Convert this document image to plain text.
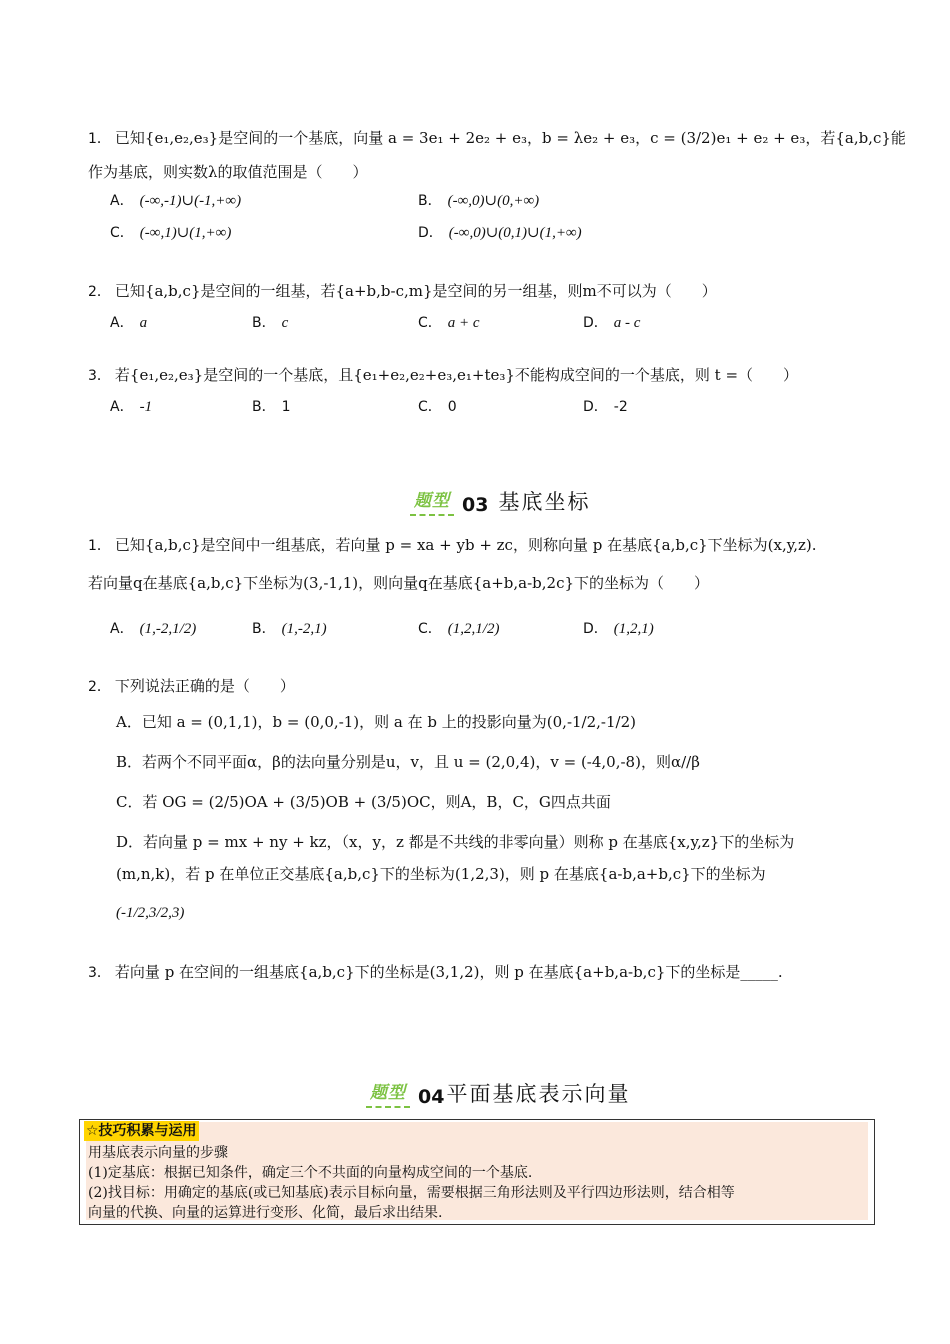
1． 已知{e₁,e₂,e₃}是空间的一个基底，向量 a = 3e₁ + 2e₂ + e₃，b = λe₂ + e₃，c = (3/2)e₁ + e₂ + e₃，若{a,b,c}能
作为基底，则实数λ的取值范围是（　　）
A． (-∞,-1)∪(-1,+∞)	B． (-∞,0)∪(0,+∞)
C． (-∞,1)∪(1,+∞)	D． (-∞,0)∪(0,1)∪(1,+∞)
2． 已知{a,b,c}是空间的一组基，若{a+b,b-c,m}是空间的另一组基，则m不可以为（　　）
A． a	B． c	C． a + c	D． a - c
3． 若{e₁,e₂,e₃}是空间的一个基底，且{e₁+e₂,e₂+e₃,e₁+te₃}不能构成空间的一个基底，则 t =（　　）
A． -1	B． 1	C． 0	D． -2
题型 03 基底坐标
1． 已知{a,b,c}是空间中一组基底，若向量 p = xa + yb + zc，则称向量 p 在基底{a,b,c}下坐标为(x,y,z).
若向量q在基底{a,b,c}下坐标为(3,-1,1)，则向量q在基底{a+b,a-b,2c}下的坐标为（　　）
A． (1,-2,1/2)	B． (1,-2,1)	C． (1,2,1/2)	D． (1,2,1)
2． 下列说法正确的是（　　）
A．已知 a = (0,1,1)，b = (0,0,-1)，则 a 在 b 上的投影向量为(0,-1/2,-1/2)
B．若两个不同平面α，β的法向量分别是u，v，且 u = (2,0,4)，v = (-4,0,-8)，则α//β
C．若 OG = (2/5)OA + (3/5)OB + (3/5)OC，则A，B，C，G四点共面
D．若向量 p = mx + ny + kz，（x，y，z 都是不共线的非零向量）则称 p 在基底{x,y,z}下的坐标为
(m,n,k)，若 p 在单位正交基底{a,b,c}下的坐标为(1,2,3)，则 p 在基底{a-b,a+b,c}下的坐标为
(-1/2,3/2,3)
3． 若向量 p 在空间的一组基底{a,b,c}下的坐标是(3,1,2)，则 p 在基底{a+b,a-b,c}下的坐标是_____.
题型 04 平面基底表示向量
☆技巧积累与运用
用基底表示向量的步骤
(1)定基底：根据已知条件，确定三个不共面的向量构成空间的一个基底.
(2)找目标：用确定的基底(或已知基底)表示目标向量，需要根据三角形法则及平行四边形法则，结合相等
向量的代换、向量的运算进行变形、化简，最后求出结果.
